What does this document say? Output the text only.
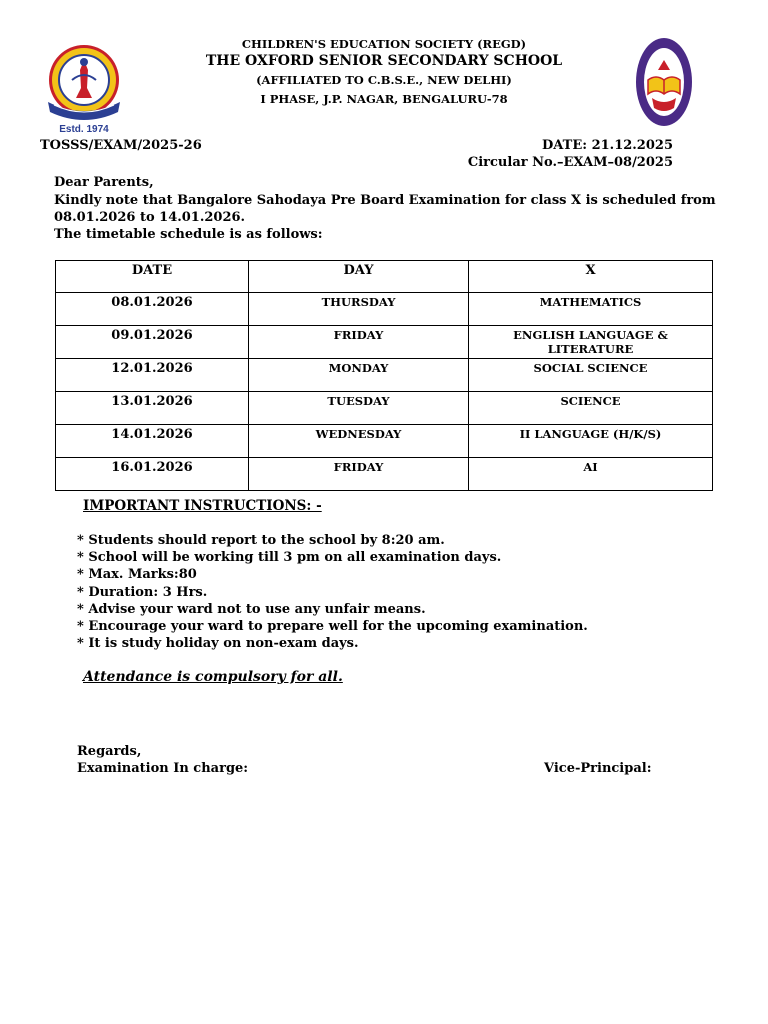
Estd. 1974
CHILDREN'S EDUCATION SOCIETY (REGD)
THE OXFORD SENIOR SECONDARY SCHOOL
(AFFILIATED TO C.B.S.E., NEW DELHI)
I PHASE, J.P. NAGAR, BENGALURU-78
TOSSS/EXAM/2025-26	DATE: 21.12.2025
Circular No.–EXAM–08/2025
Dear Parents,
Kindly note that Bangalore Sahodaya Pre Board Examination for class X is scheduled from
08.01.2026 to 14.01.2026.
The timetable schedule is as follows:
DATE	DAY	X
08.01.2026	THURSDAY	MATHEMATICS
09.01.2026	FRIDAY	ENGLISH LANGUAGE & LITERATURE
12.01.2026	MONDAY	SOCIAL SCIENCE
13.01.2026	TUESDAY	SCIENCE
14.01.2026	WEDNESDAY	II LANGUAGE (H/K/S)
16.01.2026	FRIDAY	AI
IMPORTANT INSTRUCTIONS: -
* Students should report to the school by 8:20 am.
* School will be working till 3 pm on all examination days.
* Max. Marks:80
* Duration: 3 Hrs.
* Advise your ward not to use any unfair means.
* Encourage your ward to prepare well for the upcoming examination.
* It is study holiday on non-exam days.
Attendance is compulsory for all.
Regards,
Examination In charge:	Vice-Principal:
